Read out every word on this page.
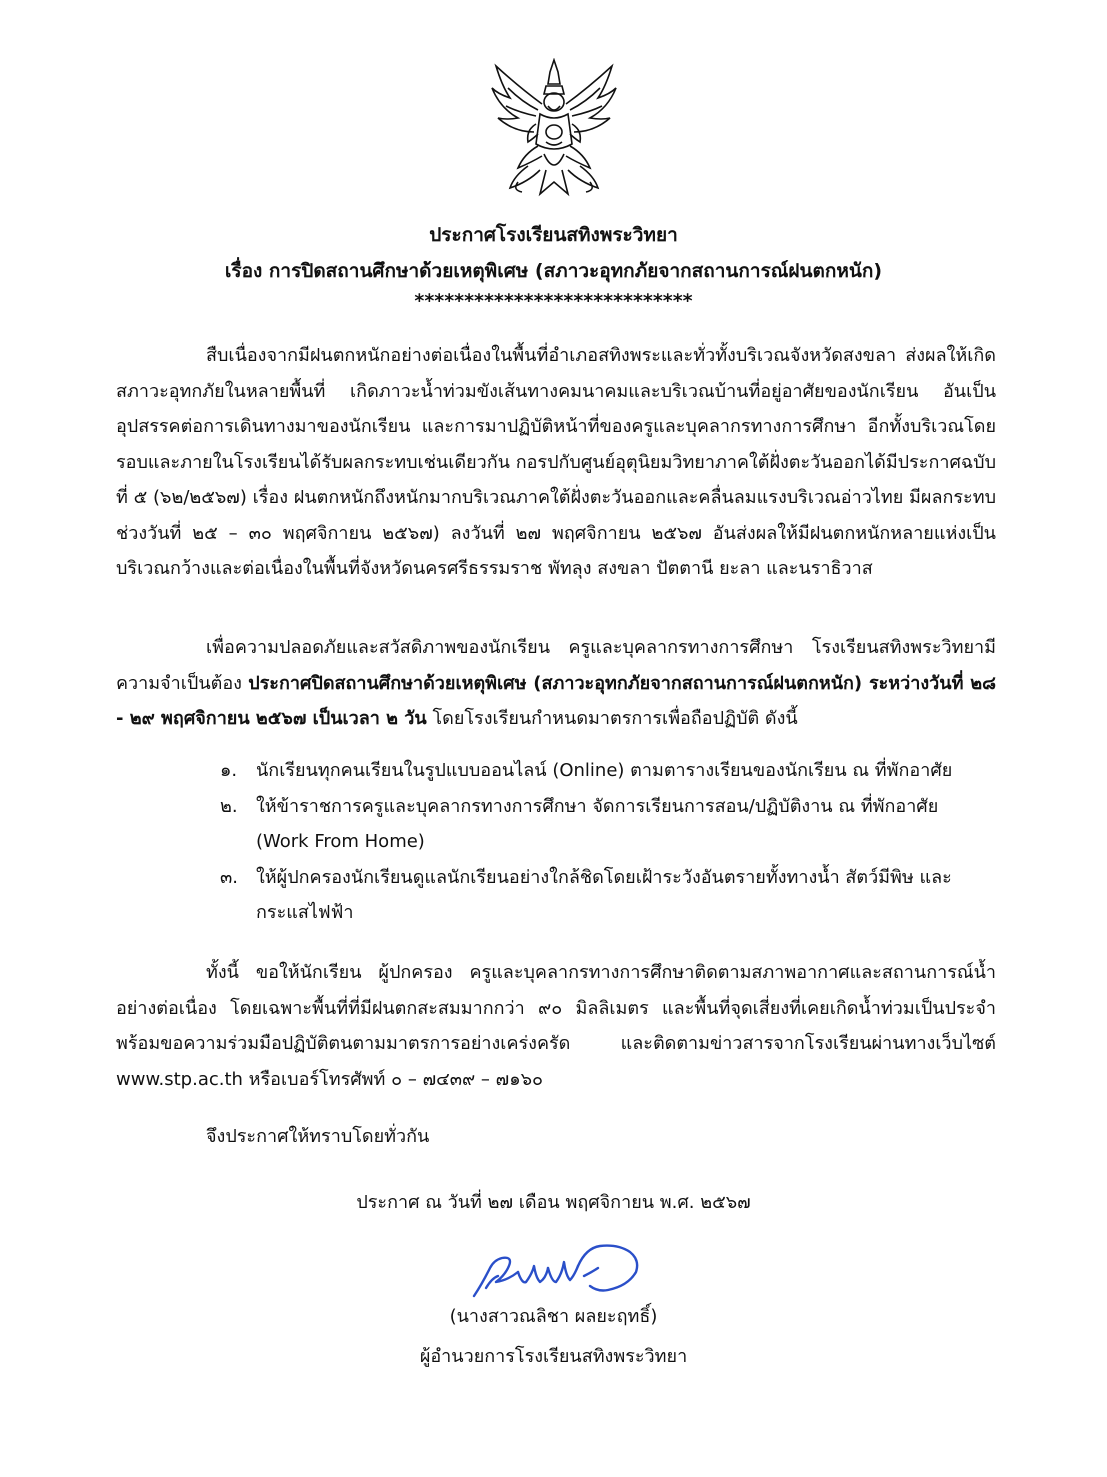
ประกาศโรงเรียนสทิงพระวิทยา
เรื่อง การปิดสถานศึกษาด้วยเหตุพิเศษ (สภาวะอุทกภัยจากสถานการณ์ฝนตกหนัก)
****************************

สืบเนื่องจากมีฝนตกหนักอย่างต่อเนื่องในพื้นที่อำเภอสทิงพระและทั่วทั้งบริเวณจังหวัดสงขลา ส่งผลให้เกิดสภาวะอุทกภัยในหลายพื้นที่ เกิดภาวะน้ำท่วมขังเส้นทางคมนาคมและบริเวณบ้านที่อยู่อาศัยของนักเรียน อันเป็นอุปสรรคต่อการเดินทางมาของนักเรียน และการมาปฏิบัติหน้าที่ของครูและบุคลากรทางการศึกษา อีกทั้งบริเวณโดยรอบและภายในโรงเรียนได้รับผลกระทบเช่นเดียวกัน กอรปกับศูนย์อุตุนิยมวิทยาภาคใต้ฝั่งตะวันออกได้มีประกาศฉบับที่ ๕ (๖๒/๒๕๖๗) เรื่อง ฝนตกหนักถึงหนักมากบริเวณภาคใต้ฝั่งตะวันออกและคลื่นลมแรงบริเวณอ่าวไทย มีผลกระทบช่วงวันที่ ๒๕ – ๓๐ พฤศจิกายน ๒๕๖๗) ลงวันที่ ๒๗ พฤศจิกายน ๒๕๖๗ อันส่งผลให้มีฝนตกหนักหลายแห่งเป็นบริเวณกว้างและต่อเนื่องในพื้นที่จังหวัดนครศรีธรรมราช พัทลุง สงขลา ปัตตานี ยะลา และนราธิวาส

เพื่อความปลอดภัยและสวัสดิภาพของนักเรียน ครูและบุคลากรทางการศึกษา โรงเรียนสทิงพระวิทยามีความจำเป็นต้อง ประกาศปิดสถานศึกษาด้วยเหตุพิเศษ (สภาวะอุทกภัยจากสถานการณ์ฝนตกหนัก) ระหว่างวันที่ ๒๘ - ๒๙ พฤศจิกายน ๒๕๖๗ เป็นเวลา ๒ วัน โดยโรงเรียนกำหนดมาตรการเพื่อถือปฏิบัติ ดังนี้

๑. นักเรียนทุกคนเรียนในรูปแบบออนไลน์ (Online) ตามตารางเรียนของนักเรียน ณ ที่พักอาศัย
๒. ให้ข้าราชการครูและบุคลากรทางการศึกษา จัดการเรียนการสอน/ปฏิบัติงาน ณ ที่พักอาศัย (Work From Home)
๓. ให้ผู้ปกครองนักเรียนดูแลนักเรียนอย่างใกล้ชิดโดยเฝ้าระวังอันตรายทั้งทางน้ำ สัตว์มีพิษ และกระแสไฟฟ้า

ทั้งนี้ ขอให้นักเรียน ผู้ปกครอง ครูและบุคลากรทางการศึกษาติดตามสภาพอากาศและสถานการณ์น้ำอย่างต่อเนื่อง โดยเฉพาะพื้นที่ที่มีฝนตกสะสมมากกว่า ๙๐ มิลลิเมตร และพื้นที่จุดเสี่ยงที่เคยเกิดน้ำท่วมเป็นประจำ พร้อมขอความร่วมมือปฏิบัติตนตามมาตรการอย่างเคร่งครัด และติดตามข่าวสารจากโรงเรียนผ่านทางเว็บไซต์ www.stp.ac.th หรือเบอร์โทรศัพท์ ๐ – ๗๔๓๙ – ๗๑๖๐

จึงประกาศให้ทราบโดยทั่วกัน
ประกาศ ณ วันที่ ๒๗ เดือน พฤศจิกายน พ.ศ. ๒๕๖๗
(นางสาวณลิชา ผลยะฤทธิ์)
ผู้อำนวยการโรงเรียนสทิงพระวิทยา
